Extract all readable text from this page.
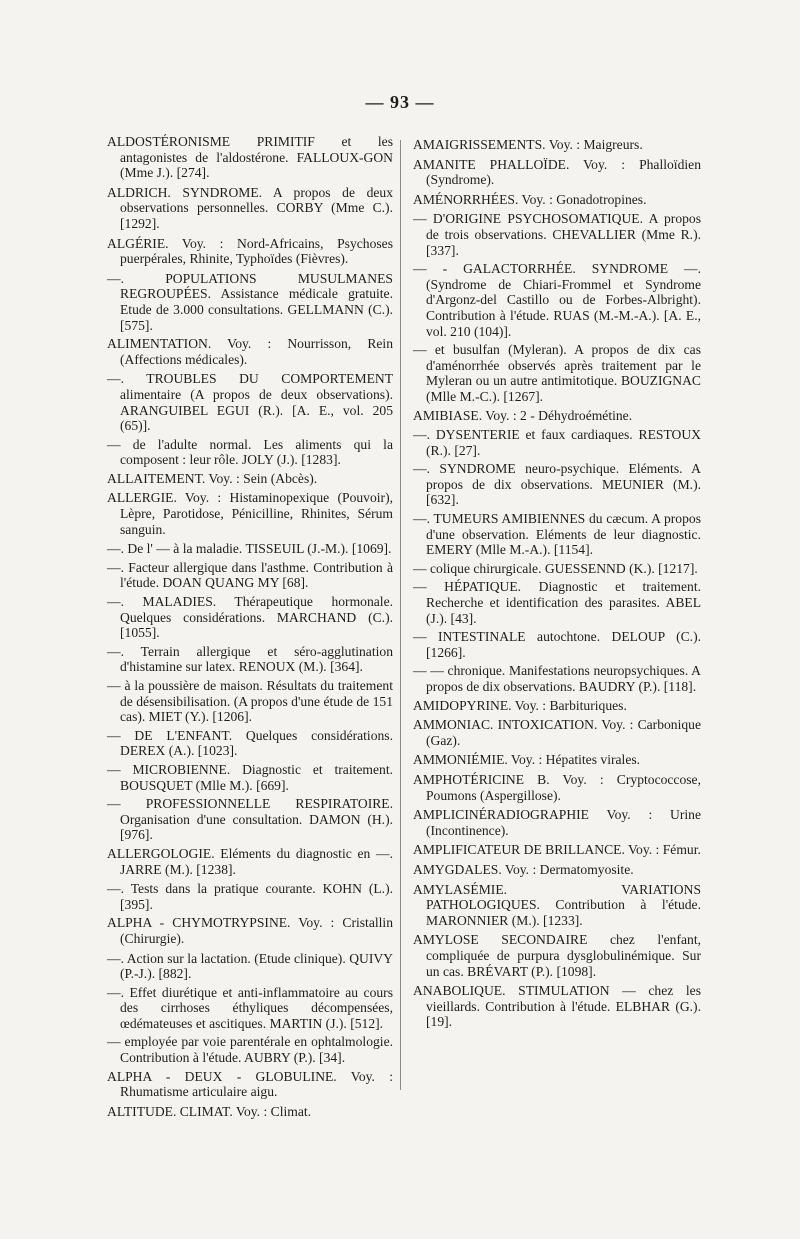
— 93 —

ALDOSTÉRONISME PRIMITIF et les antagonistes de l'aldostérone. FALLOUX-GON (Mme J.). [274].

ALDRICH. SYNDROME. A propos de deux observations personnelles. CORBY (Mme C.). [1292].

ALGÉRIE. Voy. : Nord-Africains, Psychoses puerpérales, Rhinite, Typhoïdes (Fièvres).

—. POPULATIONS MUSULMANES REGROUPÉES. Assistance médicale gratuite. Etude de 3.000 consultations. GELLMANN (C.). [575].

ALIMENTATION. Voy. : Nourrisson, Rein (Affections médicales).

—. TROUBLES DU COMPORTEMENT alimentaire (A propos de deux observations). ARANGUIBEL EGUI (R.). [A. E., vol. 205 (65)].

— de l'adulte normal. Les aliments qui la composent : leur rôle. JOLY (J.). [1283].

ALLAITEMENT. Voy. : Sein (Abcès).

ALLERGIE. Voy. : Histaminopexique (Pouvoir), Lèpre, Parotidose, Pénicilline, Rhinites, Sérum sanguin.

—. De l' — à la maladie. TISSEUIL (J.-M.). [1069].

—. Facteur allergique dans l'asthme. Contribution à l'étude. DOAN QUANG MY [68].

—. MALADIES. Thérapeutique hormonale. Quelques considérations. MARCHAND (C.). [1055].

—. Terrain allergique et séro-agglutination d'histamine sur latex. RENOUX (M.). [364].

— à la poussière de maison. Résultats du traitement de désensibilisation. (A propos d'une étude de 151 cas). MIET (Y.). [1206].

— DE L'ENFANT. Quelques considérations. DEREX (A.). [1023].

— MICROBIENNE. Diagnostic et traitement. BOUSQUET (Mlle M.). [669].

— PROFESSIONNELLE RESPIRATOIRE. Organisation d'une consultation. DAMON (H.). [976].

ALLERGOLOGIE. Eléments du diagnostic en —. JARRE (M.). [1238].

—. Tests dans la pratique courante. KOHN (L.). [395].

ALPHA - CHYMOTRYPSINE. Voy. : Cristallin (Chirurgie).

—. Action sur la lactation. (Etude clinique). QUIVY (P.-J.). [882].

—. Effet diurétique et anti-inflammatoire au cours des cirrhoses éthyliques décompensées, œdémateuses et ascitiques. MARTIN (J.). [512].

— employée par voie parentérale en ophtalmologie. Contribution à l'étude. AUBRY (P.). [34].

ALPHA - DEUX - GLOBULINE. Voy. : Rhumatisme articulaire aigu.

ALTITUDE. CLIMAT. Voy. : Climat.

AMAIGRISSEMENTS. Voy. : Maigreurs.

AMANITE PHALLOÏDE. Voy. : Phalloïdien (Syndrome).

AMÉNORRHÉES. Voy. : Gonadotropines.

— D'ORIGINE PSYCHOSOMATIQUE. A propos de trois observations. CHEVALLIER (Mme R.). [337].

— - GALACTORRHÉE. SYNDROME —. (Syndrome de Chiari-Frommel et Syndrome d'Argonz-del Castillo ou de Forbes-Albright). Contribution à l'étude. RUAS (M.-M.-A.). [A. E., vol. 210 (104)].

— et busulfan (Myleran). A propos de dix cas d'aménorrhée observés après traitement par le Myleran ou un autre antimitotique. BOUZIGNAC (Mlle M.-C.). [1267].

AMIBIASE. Voy. : 2 - Déhydroémétine.

—. DYSENTERIE et faux cardiaques. RESTOUX (R.). [27].

—. SYNDROME neuro-psychique. Eléments. A propos de dix observations. MEUNIER (M.). [632].

—. TUMEURS AMIBIENNES du cæcum. A propos d'une observation. Eléments de leur diagnostic. EMERY (Mlle M.-A.). [1154].

— colique chirurgicale. GUESSENND (K.). [1217].

— HÉPATIQUE. Diagnostic et traitement. Recherche et identification des parasites. ABEL (J.). [43].

— INTESTINALE autochtone. DELOUP (C.). [1266].

— — chronique. Manifestations neuropsychiques. A propos de dix observations. BAUDRY (P.). [118].

AMIDOPYRINE. Voy. : Barbituriques.

AMMONIAC. INTOXICATION. Voy. : Carbonique (Gaz).

AMMONIÉMIE. Voy. : Hépatites virales.

AMPHOTÉRICINE B. Voy. : Cryptococcose, Poumons (Aspergillose).

AMPLICINÉRADIOGRAPHIE Voy. : Urine (Incontinence).

AMPLIFICATEUR DE BRILLANCE. Voy. : Fémur.

AMYGDALES. Voy. : Dermatomyosite.

AMYLASÉMIE. VARIATIONS PATHOLOGIQUES. Contribution à l'étude. MARONNIER (M.). [1233].

AMYLOSE SECONDAIRE chez l'enfant, compliquée de purpura dysglobulinémique. Sur un cas. BRÉVART (P.). [1098].

ANABOLIQUE. STIMULATION — chez les vieillards. Contribution à l'étude. ELBHAR (G.). [19].
